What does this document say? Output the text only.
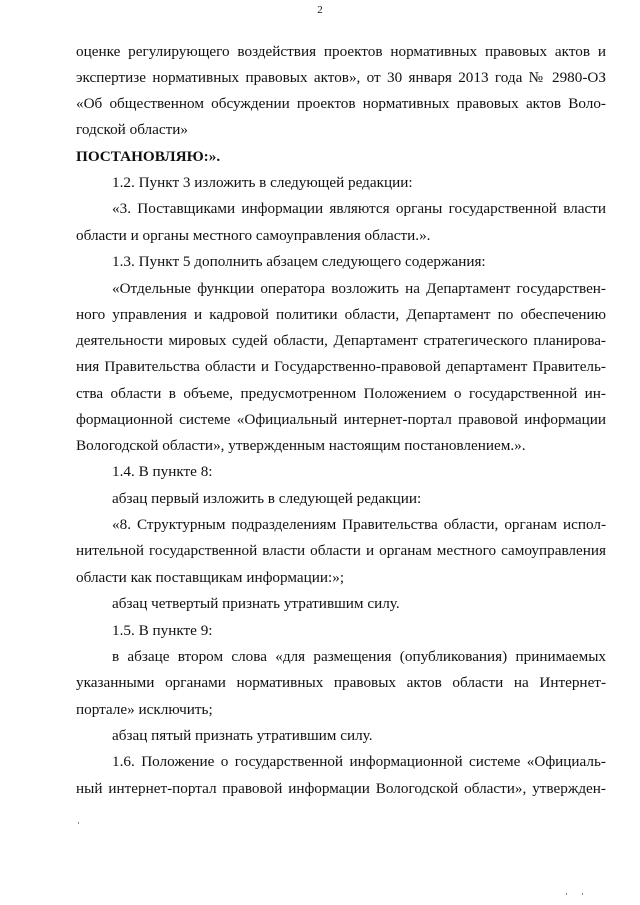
2
оценке регулирующего воздействия проектов нормативных правовых актов и
экспертизе нормативных правовых актов», от 30 января 2013 года № 2980-ОЗ
«Об общественном обсуждении проектов нормативных правовых актов Воло-
годской области»
ПОСТАНОВЛЯЮ:».
1.2. Пункт 3 изложить в следующей редакции:
«3. Поставщиками информации являются органы государственной власти
области и органы местного самоуправления области.».
1.3. Пункт 5 дополнить абзацем следующего содержания:
«Отдельные функции оператора возложить на Департамент государствен-
ного управления и кадровой политики области, Департамент по обеспечению
деятельности мировых судей области, Департамент стратегического планирова-
ния Правительства области и Государственно-правовой департамент Правитель-
ства области в объеме, предусмотренном Положением о государственной ин-
формационной системе «Официальный интернет-портал правовой информации
Вологодской области», утвержденным настоящим постановлением.».
1.4. В пункте 8:
абзац первый изложить в следующей редакции:
«8. Структурным подразделениям Правительства области, органам испол-
нительной государственной власти области и органам местного самоуправления
области как поставщикам информации:»;
абзац четвертый признать утратившим силу.
1.5. В пункте 9:
в абзаце втором слова «для размещения (опубликования) принимаемых
указанными органами нормативных правовых актов области на Интернет-
портале» исключить;
абзац пятый признать утратившим силу.
1.6. Положение о государственной информационной системе «Официаль-
ный интернет-портал правовой информации Вологодской области», утвержден-
